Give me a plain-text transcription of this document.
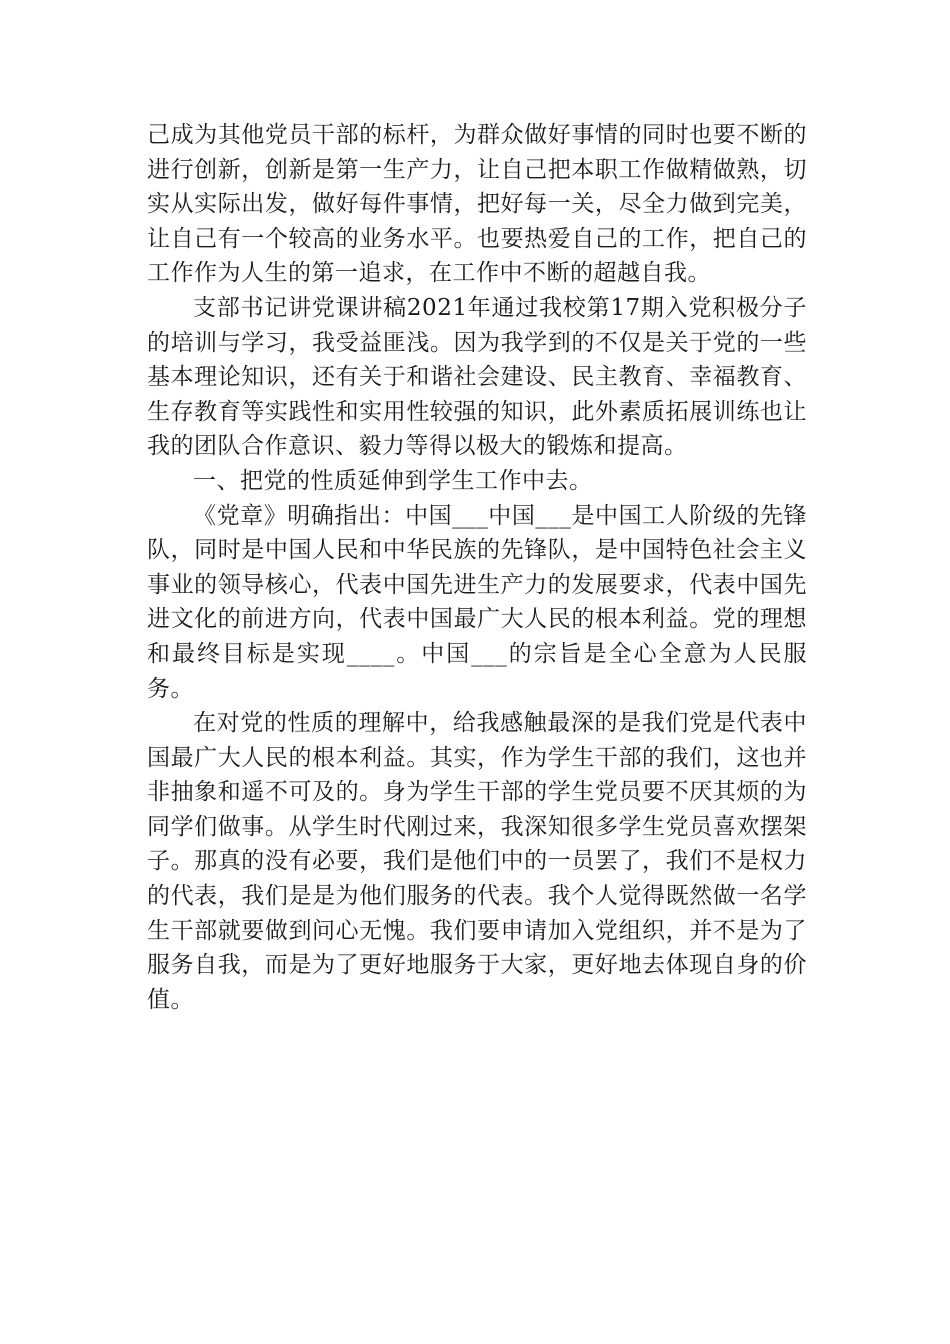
己成为其他党员干部的标杆，为群众做好事情的同时也要不断的进行创新，创新是第一生产力，让自己把本职工作做精做熟，切实从实际出发，做好每件事情，把好每一关，尽全力做到完美，让自己有一个较高的业务水平。也要热爱自己的工作，把自己的工作作为人生的第一追求，在工作中不断的超越自我。

支部书记讲党课讲稿2021年通过我校第17期入党积极分子的培训与学习，我受益匪浅。因为我学到的不仅是关于党的一些基本理论知识，还有关于和谐社会建设、民主教育、幸福教育、生存教育等实践性和实用性较强的知识，此外素质拓展训练也让我的团队合作意识、毅力等得以极大的锻炼和提高。

一、把党的性质延伸到学生工作中去。

《党章》明确指出：中国___中国___是中国工人阶级的先锋队，同时是中国人民和中华民族的先锋队，是中国特色社会主义事业的领导核心，代表中国先进生产力的发展要求，代表中国先进文化的前进方向，代表中国最广大人民的根本利益。党的理想和最终目标是实现____。中国___的宗旨是全心全意为人民服务。

在对党的性质的理解中，给我感触最深的是我们党是代表中国最广大人民的根本利益。其实，作为学生干部的我们，这也并非抽象和遥不可及的。身为学生干部的学生党员要不厌其烦的为同学们做事。从学生时代刚过来，我深知很多学生党员喜欢摆架子。那真的没有必要，我们是他们中的一员罢了，我们不是权力的代表，我们是是为他们服务的代表。我个人觉得既然做一名学生干部就要做到问心无愧。我们要申请加入党组织，并不是为了服务自我，而是为了更好地服务于大家，更好地去体现自身的价值。
